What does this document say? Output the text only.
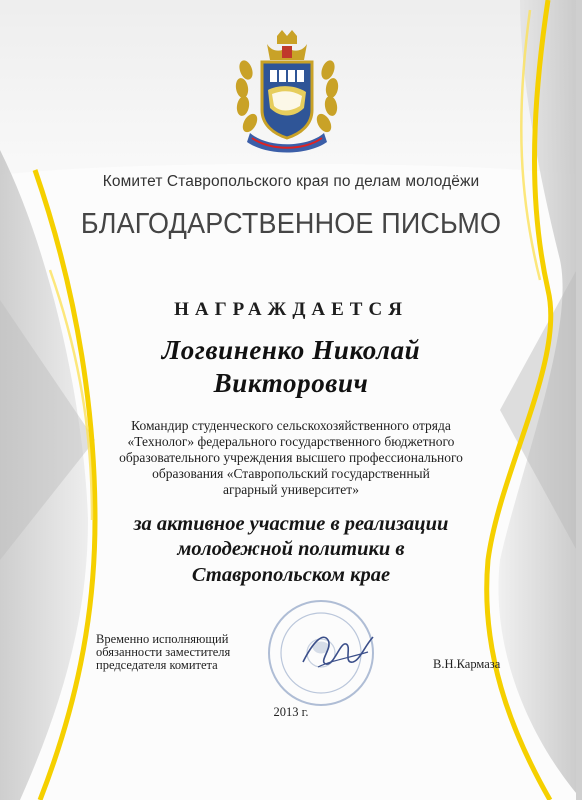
Комитет Ставропольского края по делам молодёжи
БЛАГОДАРСТВЕННОЕ ПИСЬМО
НАГРАЖДАЕТСЯ
Логвиненко Николай
Викторович
Командир студенческого сельскохозяйственного отряда
«Технолог» федерального государственного бюджетного
образовательного учреждения высшего профессионального
образования «Ставропольский государственный
аграрный университет»
за активное участие в реализации
молодежной политики в
Ставропольском крае
Временно исполняющий
обязанности заместителя
председателя комитета	В.Н.Кармаза
2013 г.
